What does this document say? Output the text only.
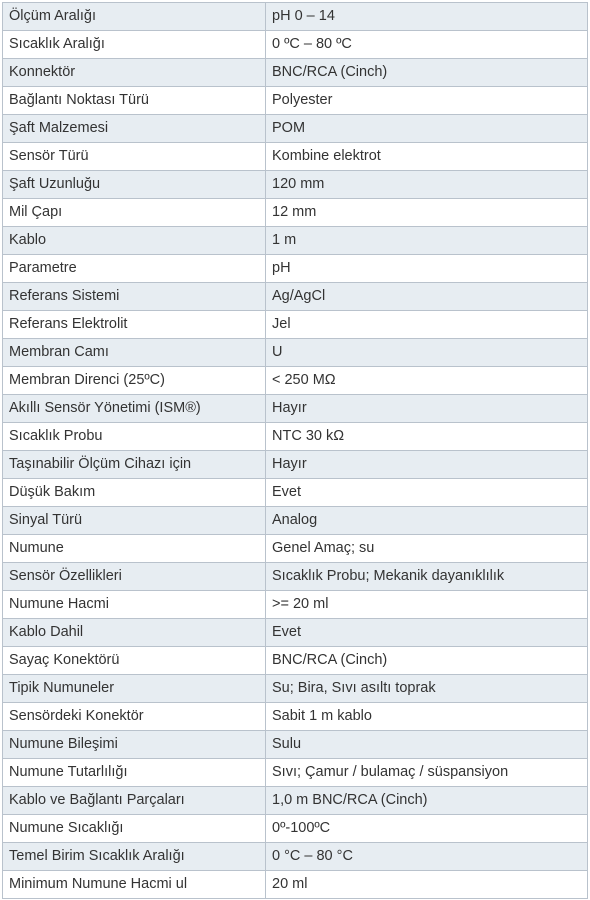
Ölçüm Aralığı	pH 0 – 14
Sıcaklık Aralığı	0 ºC – 80 ºC
Konnektör	BNC/RCA (Cinch)
Bağlantı Noktası Türü	Polyester
Şaft Malzemesi	POM
Sensör Türü	Kombine elektrot
Şaft Uzunluğu	120 mm
Mil Çapı	12 mm
Kablo	1 m
Parametre	pH
Referans Sistemi	Ag/AgCl
Referans Elektrolit	Jel
Membran Camı	U
Membran Direnci (25ºC)	< 250 MΩ
Akıllı Sensör Yönetimi (ISM®)	Hayır
Sıcaklık Probu	NTC 30 kΩ
Taşınabilir Ölçüm Cihazı için	Hayır
Düşük Bakım	Evet
Sinyal Türü	Analog
Numune	Genel Amaç; su
Sensör Özellikleri	Sıcaklık Probu; Mekanik dayanıklılık
Numune Hacmi	>= 20 ml
Kablo Dahil	Evet
Sayaç Konektörü	BNC/RCA (Cinch)
Tipik Numuneler	Su; Bira, Sıvı asıltı toprak
Sensördeki Konektör	Sabit 1 m kablo
Numune Bileşimi	Sulu
Numune Tutarlılığı	Sıvı; Çamur / bulamaç / süspansiyon
Kablo ve Bağlantı Parçaları	1,0 m BNC/RCA (Cinch)
Numune Sıcaklığı	0º-100ºC
Temel Birim Sıcaklık Aralığı	0 °C – 80 °C
Minimum Numune Hacmi ul	20 ml
